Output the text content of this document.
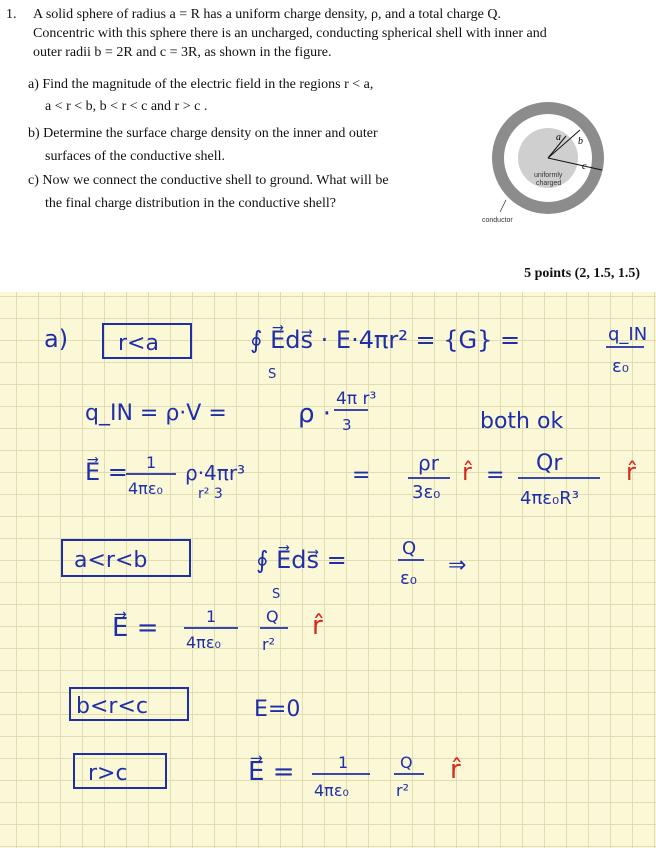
1. A solid sphere of radius a = R has a uniform charge density, ρ, and a total charge Q.
Concentric with this sphere there is an uncharged, conducting spherical shell with inner and
outer radii b = 2R and c = 3R, as shown in the figure.
a) Find the magnitude of the electric field in the regions r < a,
a < r < b, b < r < c and r > c .
b) Determine the surface charge density on the inner and outer
surfaces of the conductive shell.
c) Now we connect the conductive shell to ground. What will be
the final charge distribution in the conductive shell?
5 points (2, 1.5, 1.5)
a b
c
uniformly
charged
conductor
a) r<a	∮ E⃗ds⃗ · E·4πr² = {G} =
S
q_IN
ε₀
q_IN = ρ·V =	ρ · 4π r³
3	both ok
E⃗ = 1
4πε₀
ρ·4πr³
r² 3
= ρr
3ε₀
r̂ = Qr
4πε₀R³
r̂
a<r<b	∮ E⃗ds⃗ =
S
Q
ε₀
⇒
E⃗ =	1
4πε₀
Q
r²
r̂
b<r<c	E=0
r>c	E⃗ =	1
4πε₀
Q
r²
r̂
